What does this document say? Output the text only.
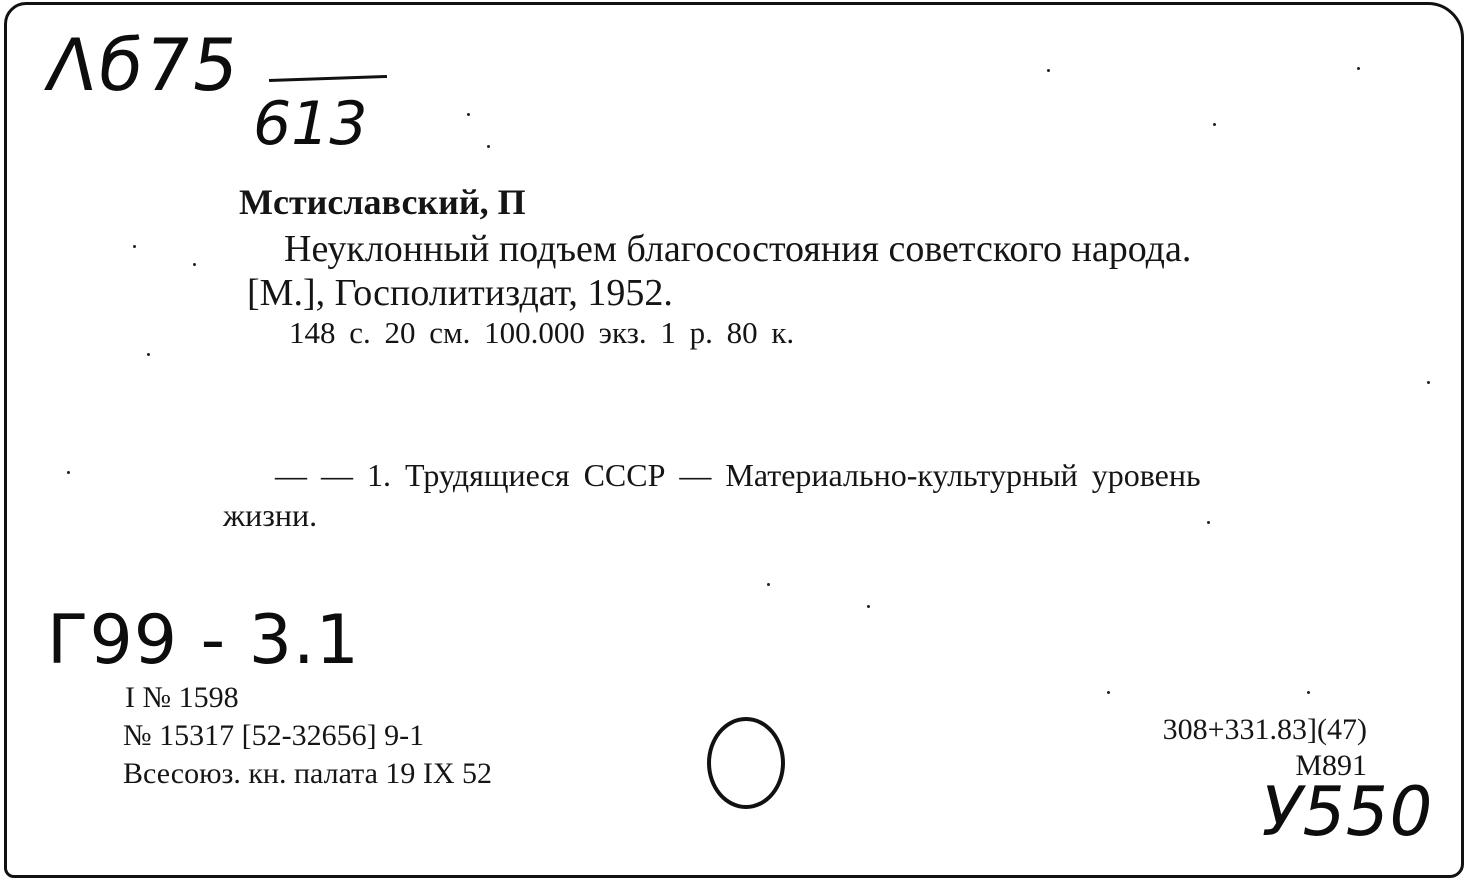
Λб75
613
Мстиславский, П
Неуклонный подъем благосостояния советского народа.
[М.], Госполитиздат, 1952.
148 с. 20 см. 100.000 экз. 1 р. 80 к.
— — 1. Трудящиеся СССР — Материально-культурный уровень
жизни.
Г99 - 3.1
I № 1598
№ 15317 [52-32656] 9-1
Всесоюз. кн. палата 19 IX 52
308+331.83](47)
М891
У550
